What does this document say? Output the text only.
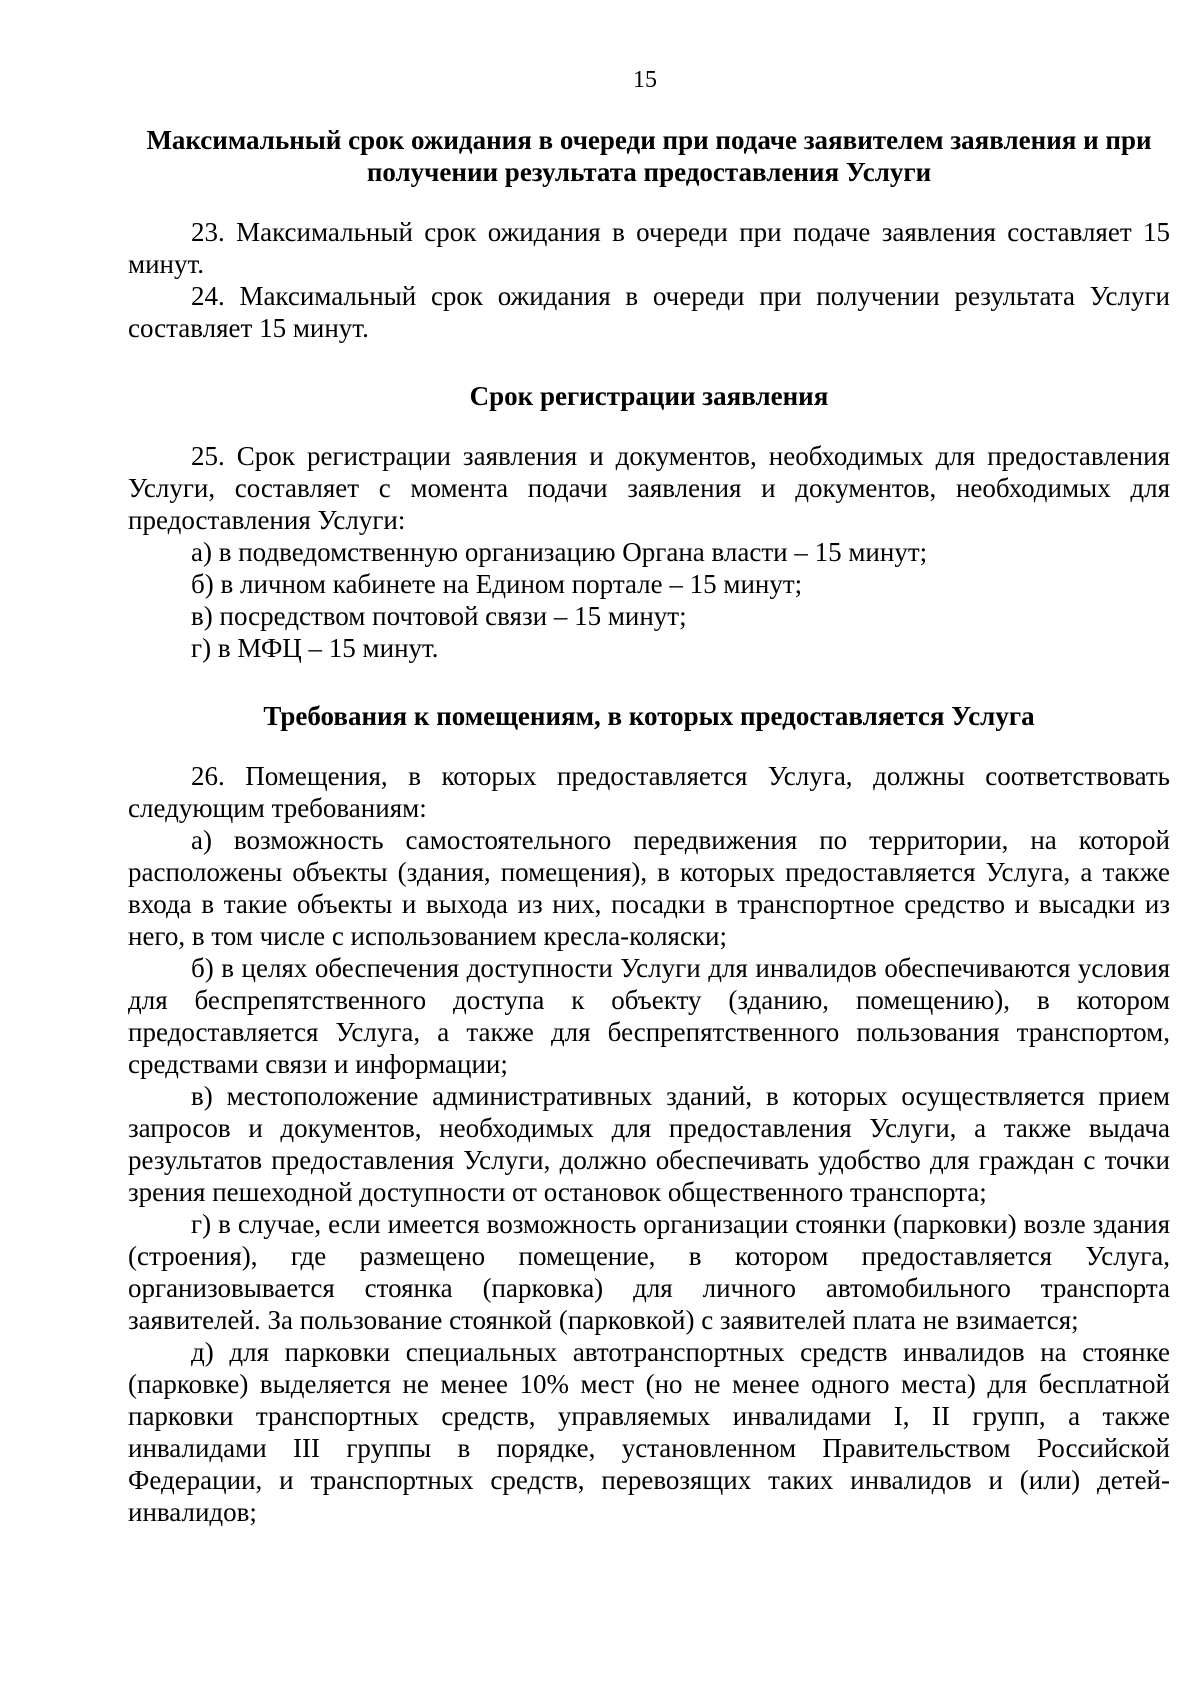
15

Максимальный срок ожидания в очереди при подаче заявителем заявления и при получении результата предоставления Услуги

23. Максимальный срок ожидания в очереди при подаче заявления составляет 15 минут.

24. Максимальный срок ожидания в очереди при получении результата Услуги составляет 15 минут.

Срок регистрации заявления

25. Срок регистрации заявления и документов, необходимых для предоставления Услуги, составляет с момента подачи заявления и документов, необходимых для предоставления Услуги:

а) в подведомственную организацию Органа власти – 15 минут;

б) в личном кабинете на Едином портале – 15 минут;

в) посредством почтовой связи – 15 минут;

г) в МФЦ – 15 минут.

Требования к помещениям, в которых предоставляется Услуга

26. Помещения, в которых предоставляется Услуга, должны соответствовать следующим требованиям:

а) возможность самостоятельного передвижения по территории, на которой расположены объекты (здания, помещения), в которых предоставляется Услуга, а также входа в такие объекты и выхода из них, посадки в транспортное средство и высадки из него, в том числе с использованием кресла-коляски;

б) в целях обеспечения доступности Услуги для инвалидов обеспечиваются условия для беспрепятственного доступа к объекту (зданию, помещению), в котором предоставляется Услуга, а также для беспрепятственного пользования транспортом, средствами связи и информации;

в) местоположение административных зданий, в которых осуществляется прием запросов и документов, необходимых для предоставления Услуги, а также выдача результатов предоставления Услуги, должно обеспечивать удобство для граждан с точки зрения пешеходной доступности от остановок общественного транспорта;

г) в случае, если имеется возможность организации стоянки (парковки) возле здания (строения), где размещено помещение, в котором предоставляется Услуга, организовывается стоянка (парковка) для личного автомобильного транспорта заявителей. За пользование стоянкой (парковкой) с заявителей плата не взимается;

д) для парковки специальных автотранспортных средств инвалидов на стоянке (парковке) выделяется не менее 10% мест (но не менее одного места) для бесплатной парковки транспортных средств, управляемых инвалидами I, II групп, а также инвалидами III группы в порядке, установленном Правительством Российской Федерации, и транспортных средств, перевозящих таких инвалидов и (или) детей-инвалидов;
